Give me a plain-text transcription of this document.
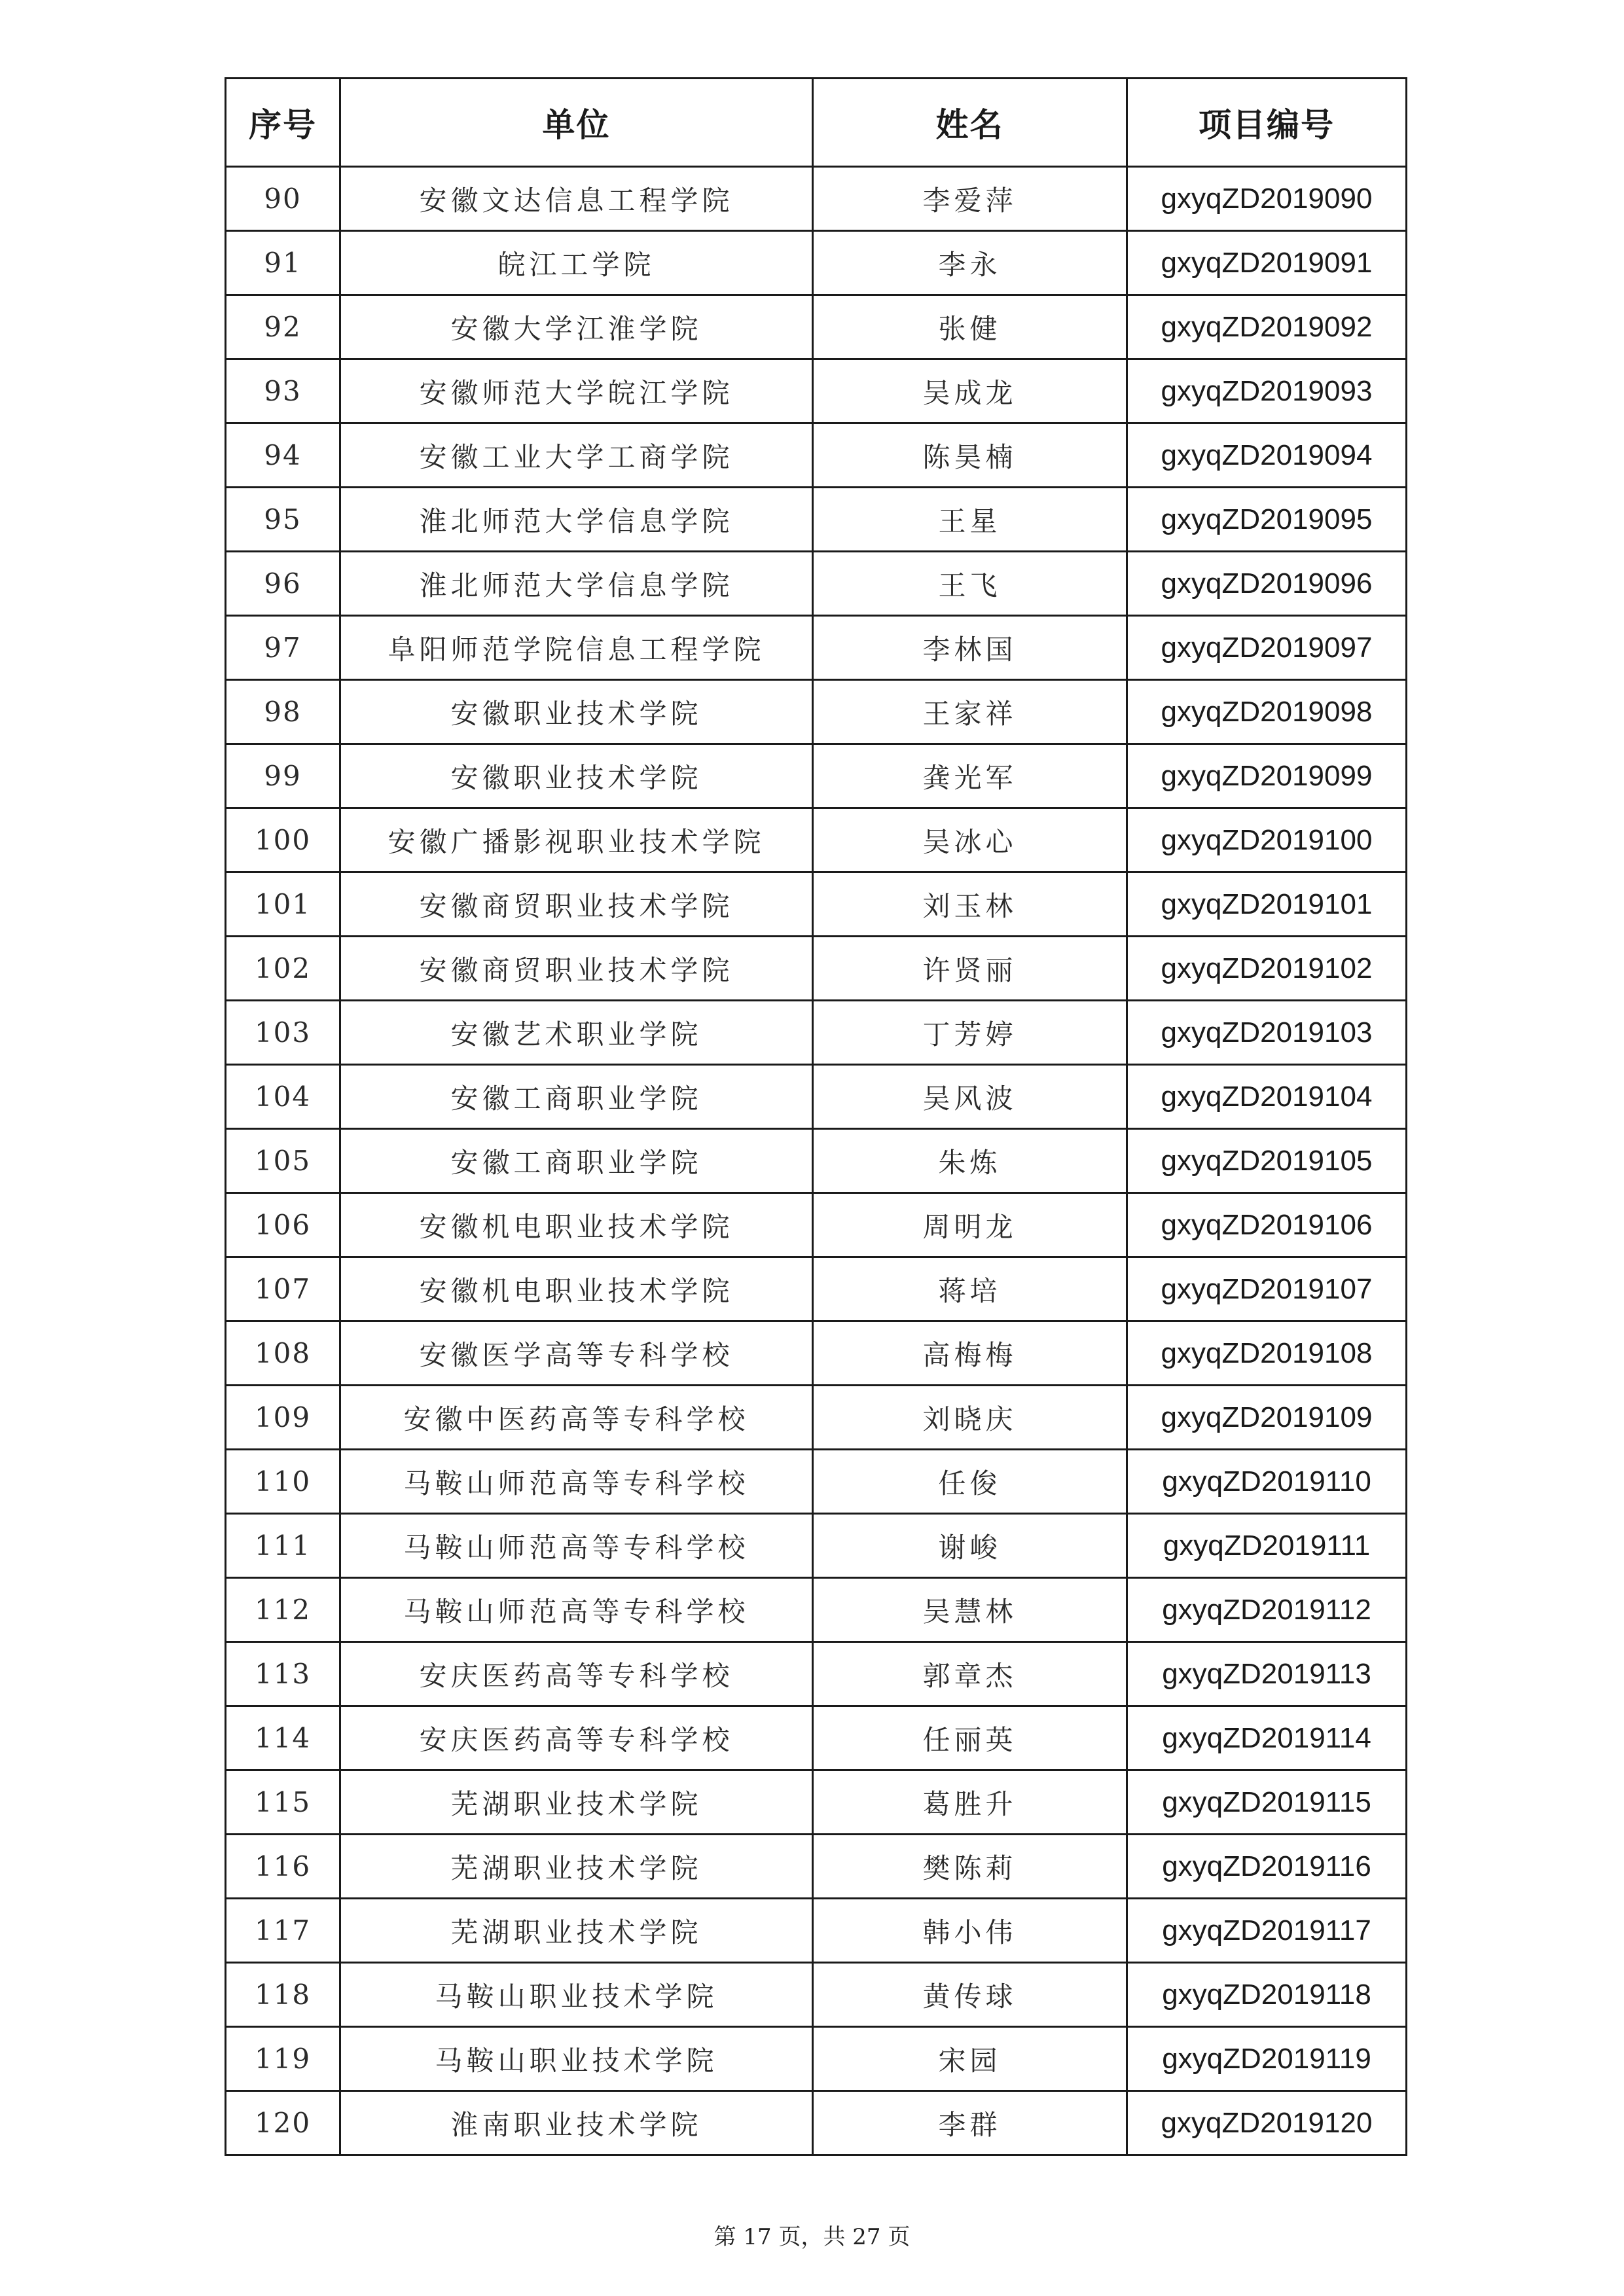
序号	单位	姓名	项目编号
90	安徽文达信息工程学院	李爱萍	gxyqZD2019090
91	皖江工学院	李永	gxyqZD2019091
92	安徽大学江淮学院	张健	gxyqZD2019092
93	安徽师范大学皖江学院	吴成龙	gxyqZD2019093
94	安徽工业大学工商学院	陈昊楠	gxyqZD2019094
95	淮北师范大学信息学院	王星	gxyqZD2019095
96	淮北师范大学信息学院	王飞	gxyqZD2019096
97	阜阳师范学院信息工程学院	李林国	gxyqZD2019097
98	安徽职业技术学院	王家祥	gxyqZD2019098
99	安徽职业技术学院	龚光军	gxyqZD2019099
100	安徽广播影视职业技术学院	吴冰心	gxyqZD2019100
101	安徽商贸职业技术学院	刘玉林	gxyqZD2019101
102	安徽商贸职业技术学院	许贤丽	gxyqZD2019102
103	安徽艺术职业学院	丁芳婷	gxyqZD2019103
104	安徽工商职业学院	吴风波	gxyqZD2019104
105	安徽工商职业学院	朱炼	gxyqZD2019105
106	安徽机电职业技术学院	周明龙	gxyqZD2019106
107	安徽机电职业技术学院	蒋培	gxyqZD2019107
108	安徽医学高等专科学校	高梅梅	gxyqZD2019108
109	安徽中医药高等专科学校	刘晓庆	gxyqZD2019109
110	马鞍山师范高等专科学校	任俊	gxyqZD2019110
111	马鞍山师范高等专科学校	谢峻	gxyqZD2019111
112	马鞍山师范高等专科学校	吴慧林	gxyqZD2019112
113	安庆医药高等专科学校	郭章杰	gxyqZD2019113
114	安庆医药高等专科学校	任丽英	gxyqZD2019114
115	芜湖职业技术学院	葛胜升	gxyqZD2019115
116	芜湖职业技术学院	樊陈莉	gxyqZD2019116
117	芜湖职业技术学院	韩小伟	gxyqZD2019117
118	马鞍山职业技术学院	黄传球	gxyqZD2019118
119	马鞍山职业技术学院	宋园	gxyqZD2019119
120	淮南职业技术学院	李群	gxyqZD2019120
第 17 页，共 27 页
